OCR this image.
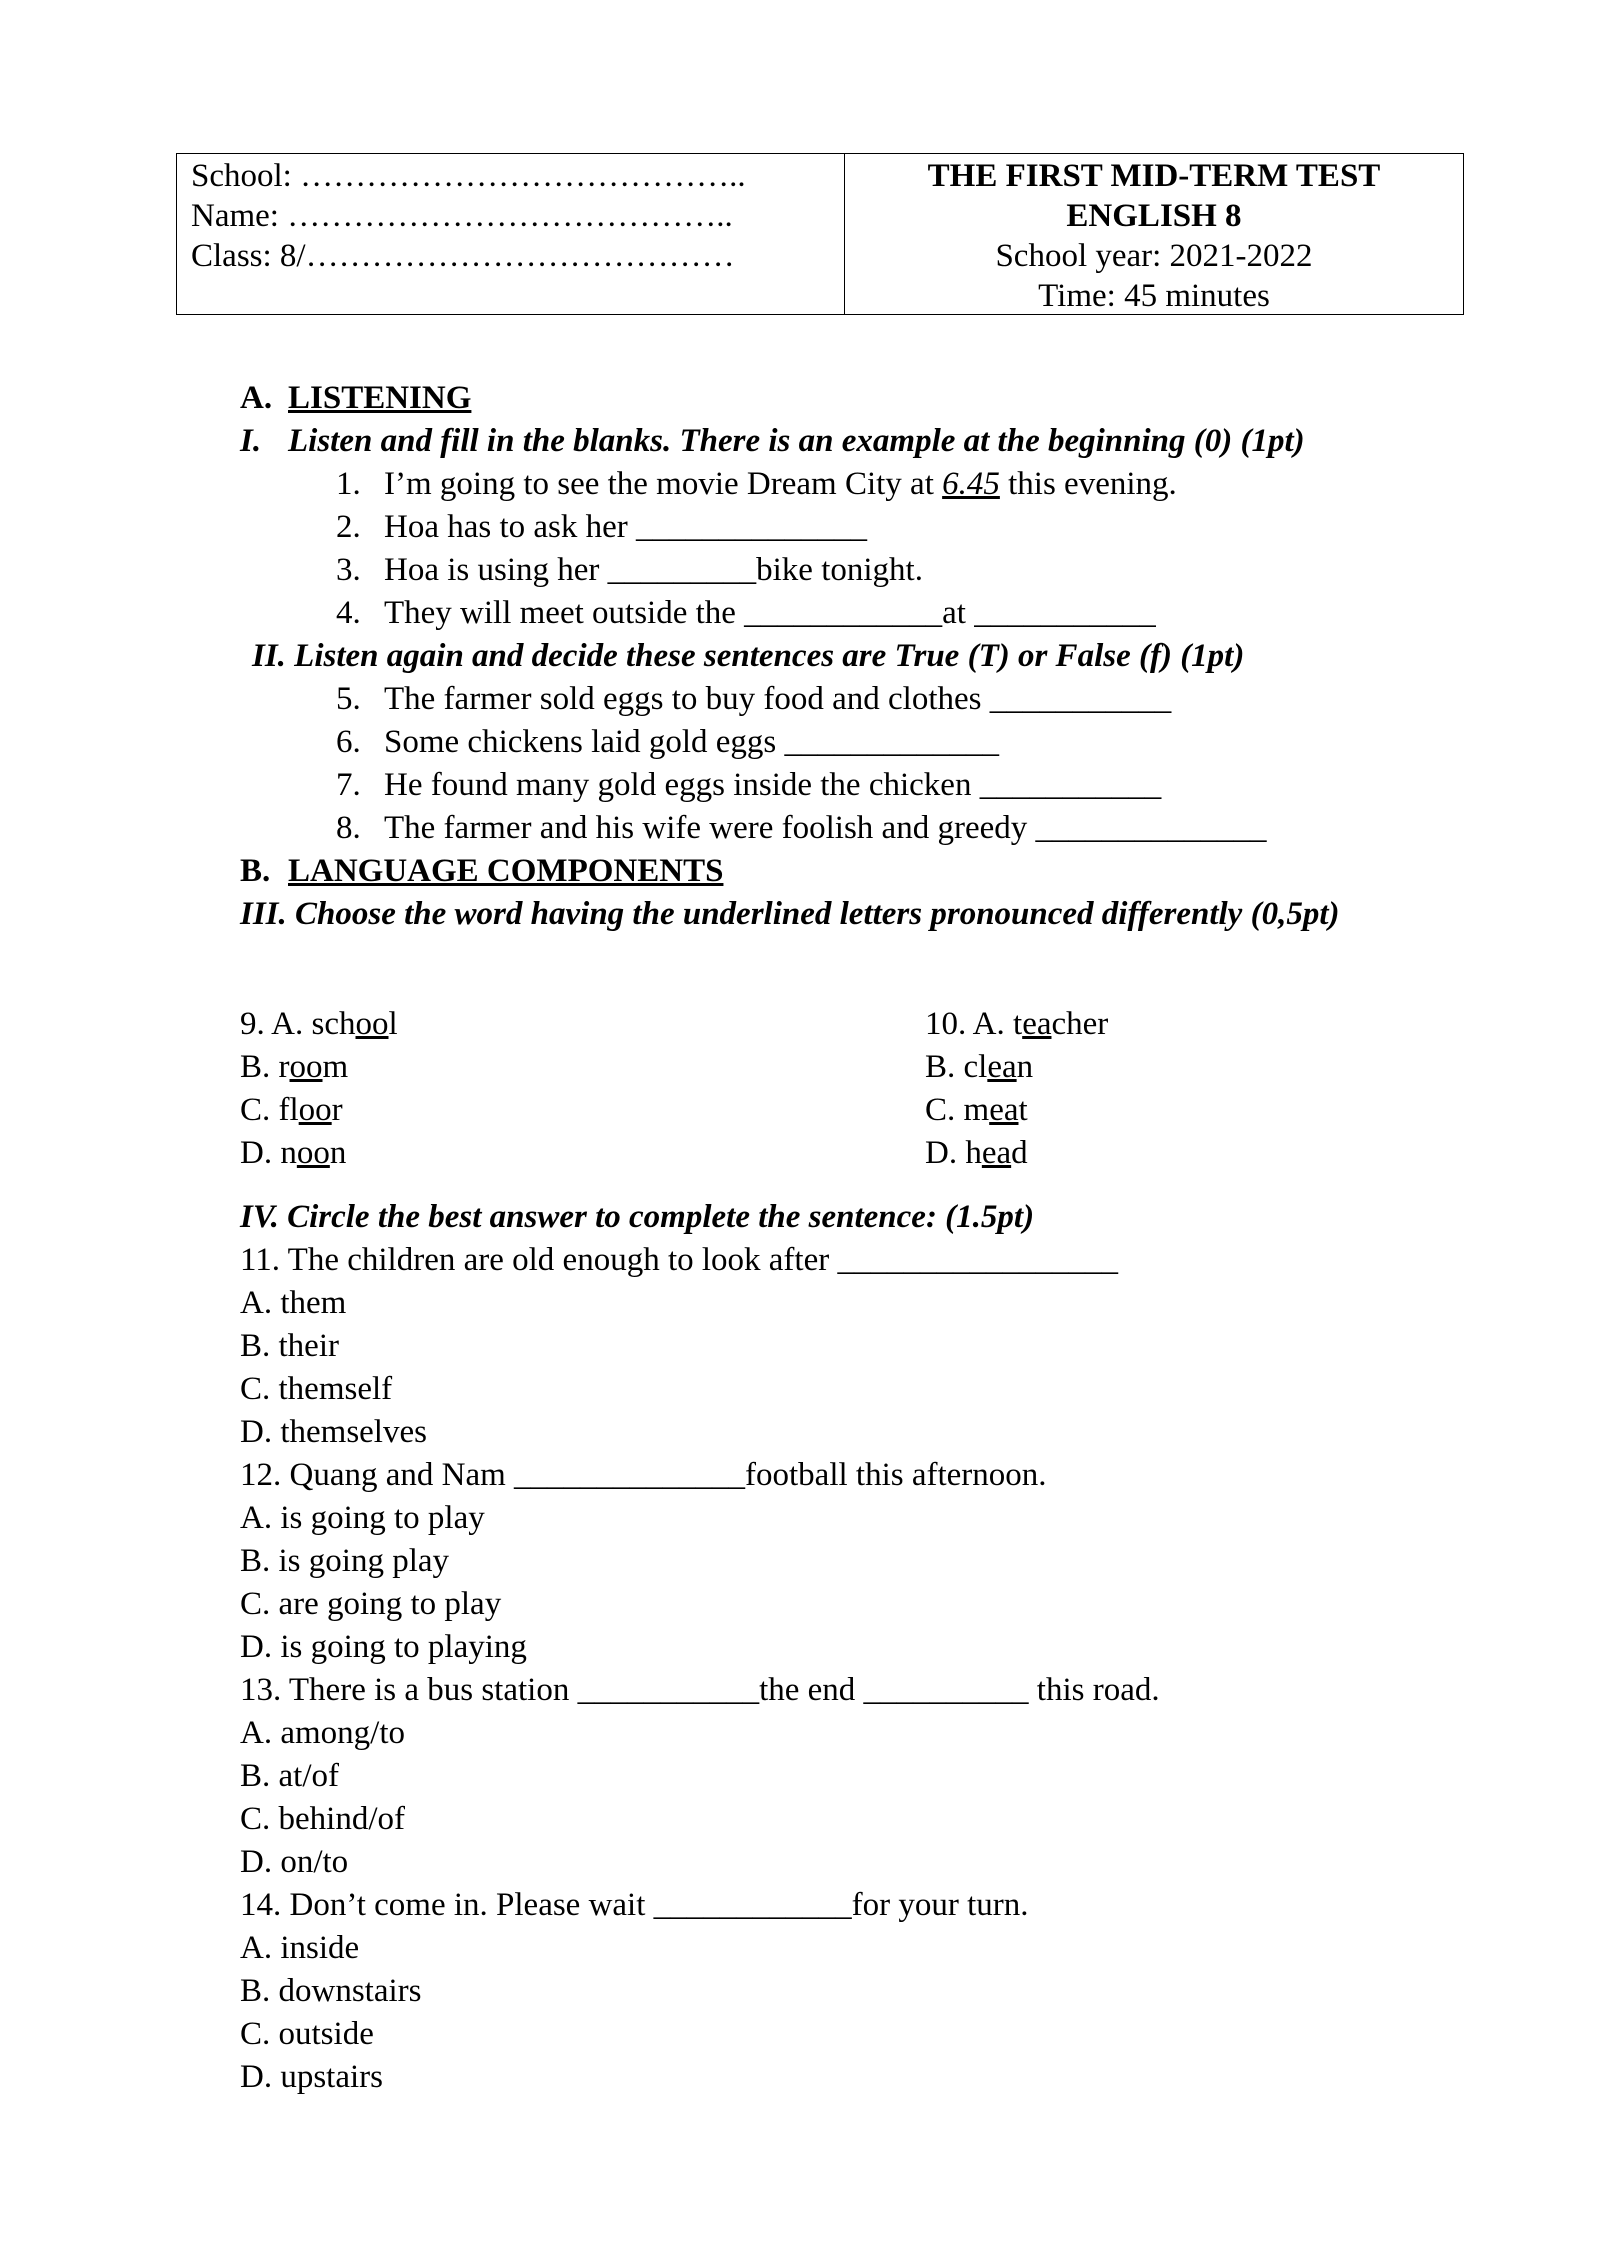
School: …………………………………..
Name: …………………………………..
Class: 8/…………………………………
THE FIRST MID-TERM TEST
ENGLISH 8
School year: 2021-2022
Time: 45 minutes
A. LISTENING
I. Listen and fill in the blanks. There is an example at the beginning (0) (1pt)
1. I’m going to see the movie Dream City at 6.45 this evening.
2. Hoa has to ask her ______________
3. Hoa is using her _________bike tonight.
4. They will meet outside the ____________at ___________
II. Listen again and decide these sentences are True (T) or False (f) (1pt)
5. The farmer sold eggs to buy food and clothes ___________
6. Some chickens laid gold eggs _____________
7. He found many gold eggs inside the chicken ___________
8. The farmer and his wife were foolish and greedy ______________
B. LANGUAGE COMPONENTS
III. Choose the word having the underlined letters pronounced differently (0,5pt)
9. A. school
B. room
C. floor
D. noon
10. A. teacher
B. clean
C. meat
D. head
IV. Circle the best answer to complete the sentence: (1.5pt)
11. The children are old enough to look after _________________
A. them
B. their
C. themself
D. themselves
12. Quang and Nam ______________football this afternoon.
A. is going to play
B. is going play
C. are going to play
D. is going to playing
13. There is a bus station ___________the end __________ this road.
A. among/to
B. at/of
C. behind/of
D. on/to
14. Don’t come in. Please wait ____________for your turn.
A. inside
B. downstairs
C. outside
D. upstairs
